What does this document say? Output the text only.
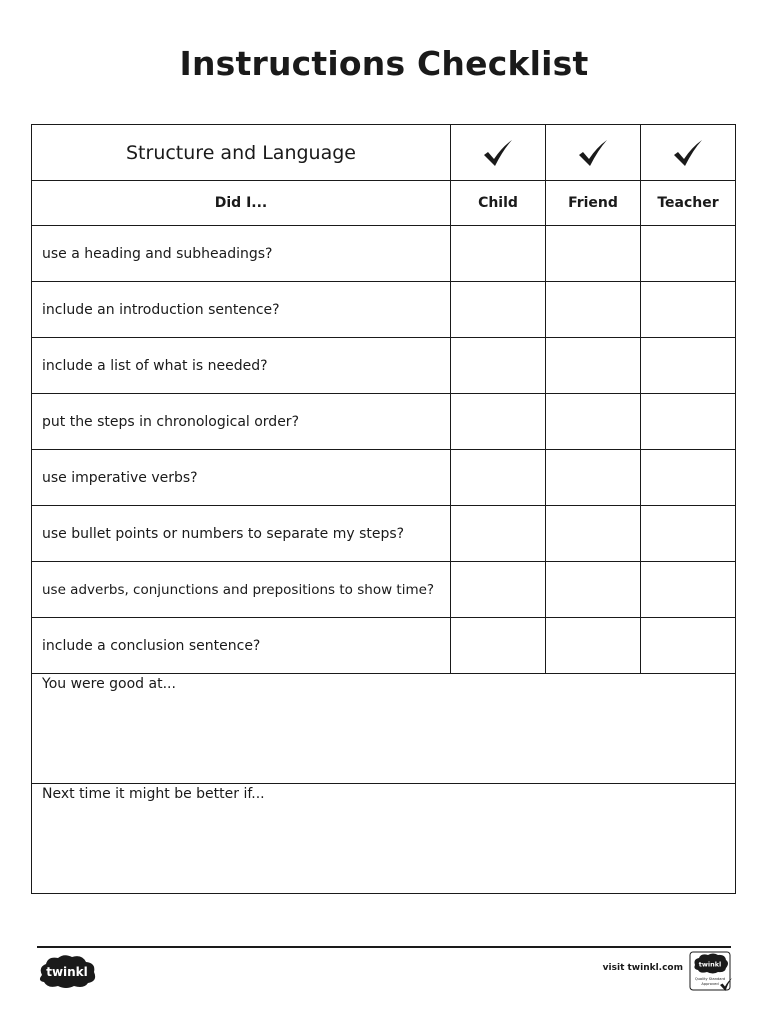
Instructions Checklist
Structure and Language			
Did I...	Child	Friend	Teacher
use a heading and subheadings?			
include an introduction sentence?			
include a list of what is needed?			
put the steps in chronological order?			
use imperative verbs?			
use bullet points or numbers to separate my steps?			
use adverbs, conjunctions and prepositions to show time?			
include a conclusion sentence?			
You were good at...			
Next time it might be better if...			
twinkl	visit twinkl.com twinkl
Quality Standard
Approved
